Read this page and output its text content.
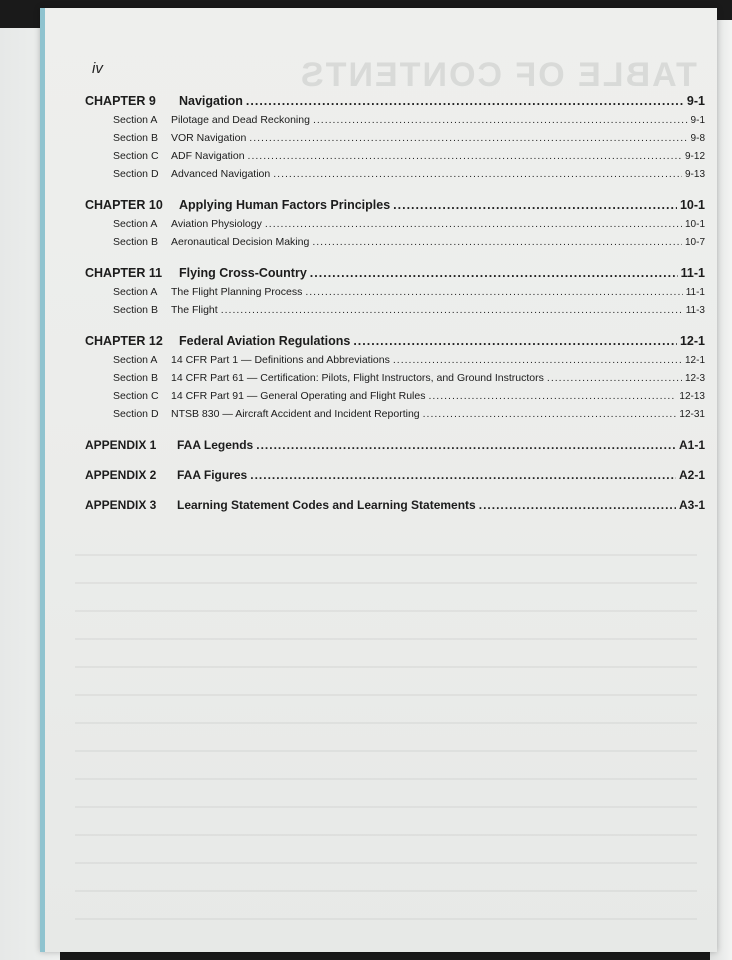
TABLE OF CONTENTS
iv
CHAPTER 9	Navigation .....	9-1
Section A	Pilotage and Dead Reckoning .....	9-1
Section B	VOR Navigation .....	9-8
Section C	ADF Navigation .....	9-12
Section D	Advanced Navigation .....	9-13
CHAPTER 10	Applying Human Factors Principles .....	10-1
Section A	Aviation Physiology .....	10-1
Section B	Aeronautical Decision Making .....	10-7
CHAPTER 11	Flying Cross-Country .....	11-1
Section A	The Flight Planning Process .....	11-1
Section B	The Flight .....	11-3
CHAPTER 12	Federal Aviation Regulations .....	12-1
Section A	14 CFR Part 1 — Definitions and Abbreviations .....	12-1
Section B	14 CFR Part 61 — Certification: Pilots, Flight Instructors, and Ground Instructors .....	12-3
Section C	14 CFR Part 91 — General Operating and Flight Rules .....	12-13
Section D	NTSB 830 — Aircraft Accident and Incident Reporting .....	12-31
APPENDIX 1	FAA Legends .....	A1-1
APPENDIX 2	FAA Figures .....	A2-1
APPENDIX 3	Learning Statement Codes and Learning Statements .....	A3-1
